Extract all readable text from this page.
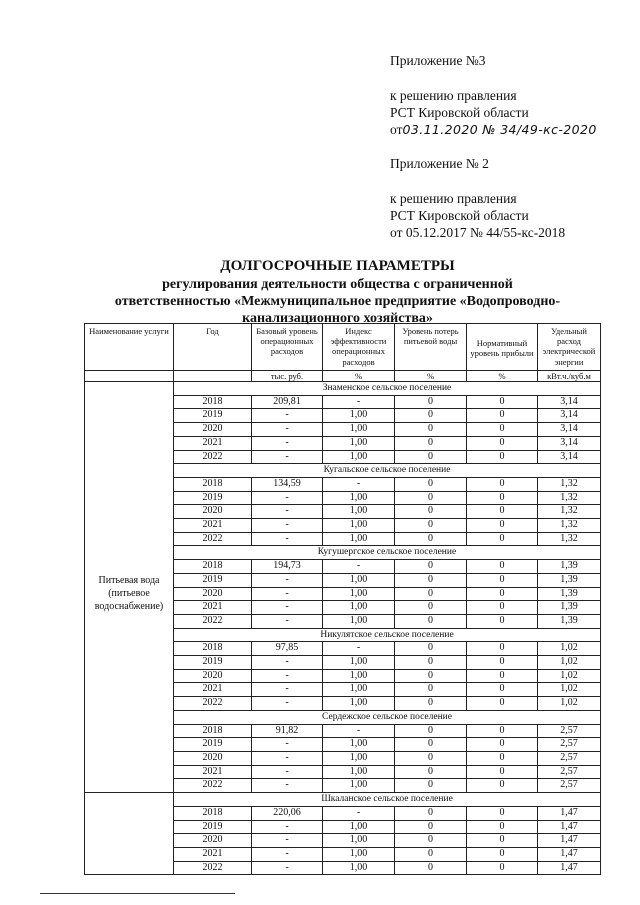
Приложение №3
к решению правления
РСТ Кировской области
от03.11.2020 № 34/49-кс-2020
Приложение № 2
к решению правления
РСТ Кировской области
от 05.12.2017 № 44/55-кс-2018
ДОЛГОСРОЧНЫЕ ПАРАМЕТРЫ
регулирования деятельности общества с ограниченной
ответственностью «Межмуниципальное предприятие «Водопроводно-
канализационного хозяйства»
Наименование услуги	Год	Базовый уровень операционных расходов	Индекс эффективности операционных расходов	Уровень потерь питьевой воды	Нормативный уровень прибыли	Удельный расход электрической энергии
		тыс. руб.	%	%	%	кВт.ч./куб.м
	Знаменское сельское поселение					

Питьевая вода
(питьевое
водоснабжение)	2018	209,81	-	0	0	3,14
	2019	-	1,00	0	0	3,14
	2020	-	1,00	0	0	3,14
	2021	-	1,00	0	0	3,14
	2022	-	1,00	0	0	3,14
	Кугальское сельское поселение					
	2018	134,59	-	0	0	1,32
	2019	-	1,00	0	0	1,32
	2020	-	1,00	0	0	1,32
	2021	-	1,00	0	0	1,32
	2022	-	1,00	0	0	1,32
	Кугушергское сельское поселение					
	2018	194,73	-	0	0	1,39
	2019	-	1,00	0	0	1,39
	2020	-	1,00	0	0	1,39
	2021	-	1,00	0	0	1,39
	2022	-	1,00	0	0	1,39
	Никулятское сельское поселение					
	2018	97,85	-	0	0	1,02
	2019	-	1,00	0	0	1,02
	2020	-	1,00	0	0	1,02
	2021	-	1,00	0	0	1,02
	2022	-	1,00	0	0	1,02
	Сердежское сельское поселение					
	2018	91,82	-	0	0	2,57
	2019	-	1,00	0	0	2,57
	2020	-	1,00	0	0	2,57
	2021	-	1,00	0	0	2,57
	2022	-	1,00	0	0	2,57
	Шкаланское сельское поселение					
	2018	220,06	-	0	0	1,47
	2019	-	1,00	0	0	1,47
	2020	-	1,00	0	0	1,47
	2021	-	1,00	0	0	1,47
	2022	-	1,00	0	0	1,47
